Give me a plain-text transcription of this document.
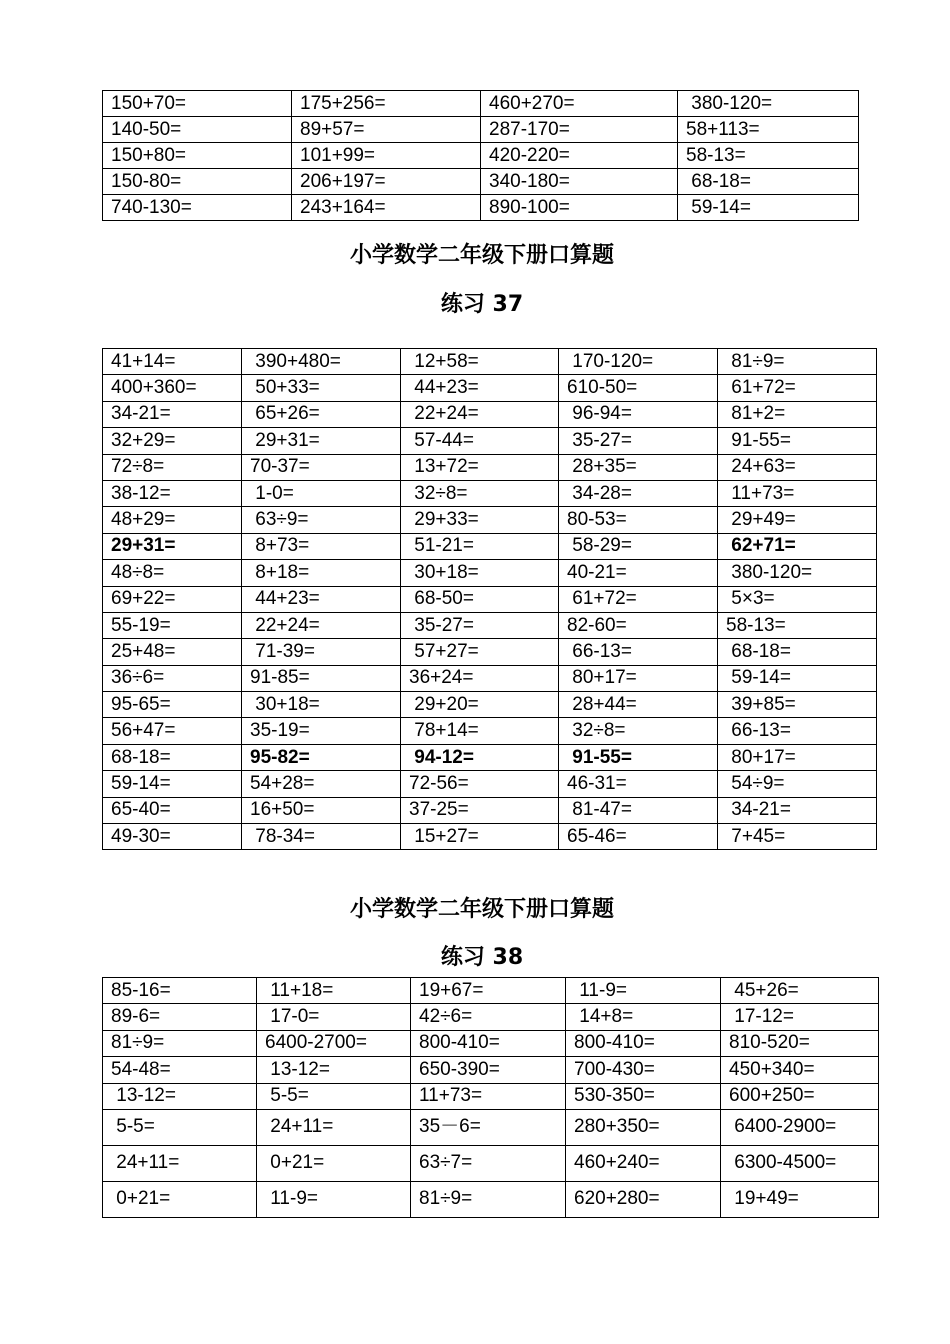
150+70=	175+256=	460+270=	380-120=
140-50=	89+57=	287-170=	58+113=
150+80=	101+99=	420-220=	58-13=
150-80=	206+197=	340-180=	68-18=
740-130=	243+164=	890-100=	59-14=
小学数学二年级下册口算题
练习 37
41+14=	390+480=	12+58=	170-120=	81÷9=
400+360=	50+33=	44+23=	610-50=	61+72=
34-21=	65+26=	22+24=	96-94=	81+2=
32+29=	29+31=	57-44=	35-27=	91-55=
72÷8=	70-37=	13+72=	28+35=	24+63=
38-12=	1-0=	32÷8=	34-28=	11+73=
48+29=	63÷9=	29+33=	80-53=	29+49=
29+31=	8+73=	51-21=	58-29=	62+71=
48÷8=	8+18=	30+18=	40-21=	380-120=
69+22=	44+23=	68-50=	61+72=	5×3=
55-19=	22+24=	35-27=	82-60=	58-13=
25+48=	71-39=	57+27=	66-13=	68-18=
36÷6=	91-85=	36+24=	80+17=	59-14=
95-65=	30+18=	29+20=	28+44=	39+85=
56+47=	35-19=	78+14=	32÷8=	66-13=
68-18=	95-82=	94-12=	91-55=	80+17=
59-14=	54+28=	72-56=	46-31=	54÷9=
65-40=	16+50=	37-25=	81-47=	34-21=
49-30=	78-34=	15+27=	65-46=	7+45=
小学数学二年级下册口算题
练习 38
85-16=	11+18=	19+67=	11-9=	45+26=
89-6=	17-0=	42÷6=	14+8=	17-12=
81÷9=	6400-2700=	800-410=	800-410=	810-520=
54-48=	13-12=	650-390=	700-430=	450+340=
13-12=	5-5=	11+73=	530-350=	600+250=
5-5=	24+11=	35－6=	280+350=	6400-2900=
24+11=	0+21=	63÷7=	460+240=	6300-4500=
0+21=	11-9=	81÷9=	620+280=	19+49=
